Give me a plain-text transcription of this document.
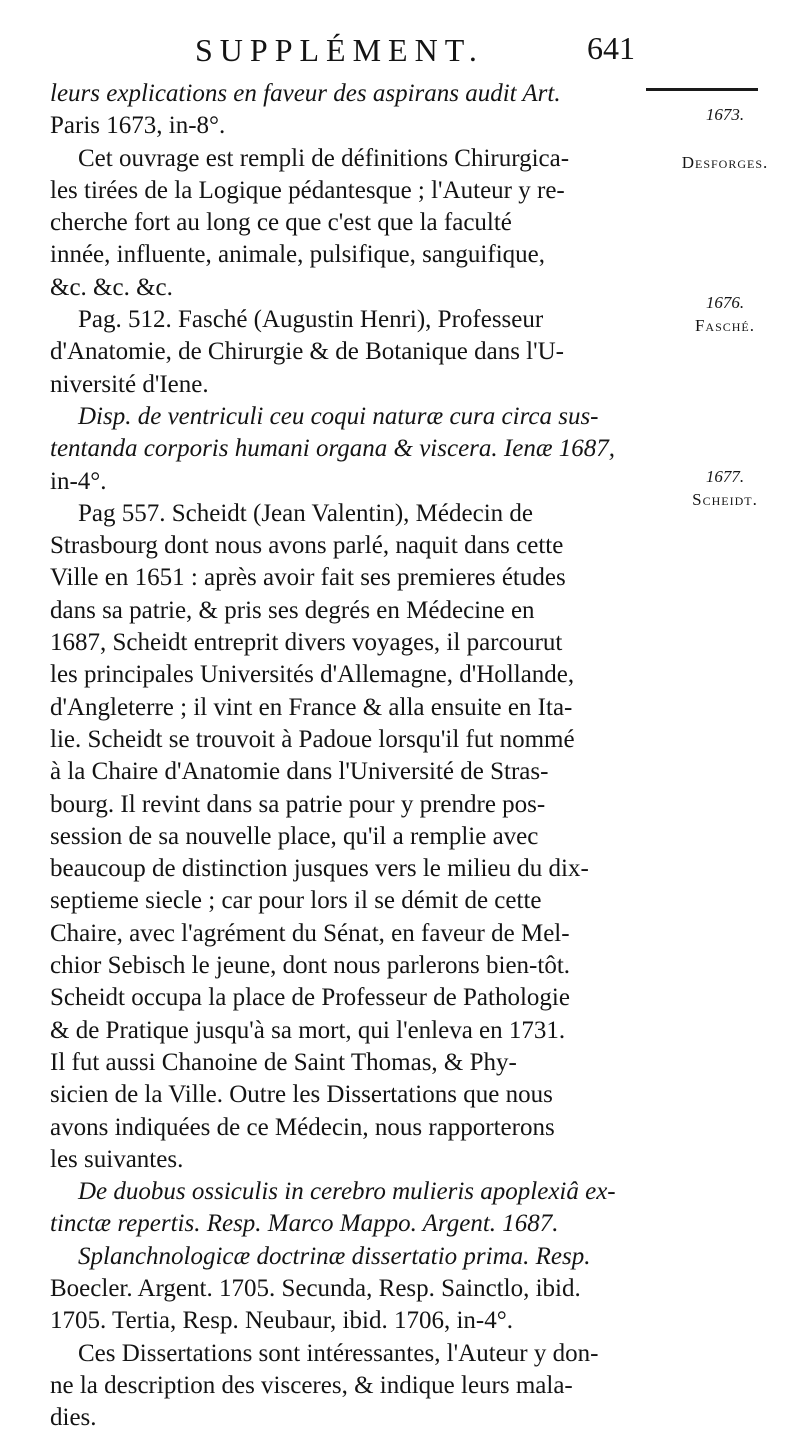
SUPPLÉMENT.	641
1673.
Desforges.
1676.
Fasché.
1677.
Scheidt.
leurs explications en faveur des aspirans audit Art.
Paris 1673, in-8°.
Cet ouvrage est rempli de définitions Chirurgica-
les tirées de la Logique pédantesque ; l'Auteur y re-
cherche fort au long ce que c'est que la faculté
innée, influente, animale, pulsifique, sanguifique,
&c. &c. &c.
Pag. 512. Fasché (Augustin Henri), Professeur
d'Anatomie, de Chirurgie & de Botanique dans l'U-
niversité d'Iene.
Disp. de ventriculi ceu coqui naturæ cura circa sus-
tentanda corporis humani organa & viscera. Ienæ 1687,
in-4°.
Pag 557. Scheidt (Jean Valentin), Médecin de
Strasbourg dont nous avons parlé, naquit dans cette
Ville en 1651 : après avoir fait ses premieres études
dans sa patrie, & pris ses degrés en Médecine en
1687, Scheidt entreprit divers voyages, il parcourut
les principales Universités d'Allemagne, d'Hollande,
d'Angleterre ; il vint en France & alla ensuite en Ita-
lie. Scheidt se trouvoit à Padoue lorsqu'il fut nommé
à la Chaire d'Anatomie dans l'Université de Stras-
bourg. Il revint dans sa patrie pour y prendre pos-
session de sa nouvelle place, qu'il a remplie avec
beaucoup de distinction jusques vers le milieu du dix-
septieme siecle ; car pour lors il se démit de cette
Chaire, avec l'agrément du Sénat, en faveur de Mel-
chior Sebisch le jeune, dont nous parlerons bien-tôt.
Scheidt occupa la place de Professeur de Pathologie
& de Pratique jusqu'à sa mort, qui l'enleva en 1731.
Il fut aussi Chanoine de Saint Thomas, & Phy-
sicien de la Ville. Outre les Dissertations que nous
avons indiquées de ce Médecin, nous rapporterons
les suivantes.
De duobus ossiculis in cerebro mulieris apoplexiâ ex-
tinctæ repertis. Resp. Marco Mappo. Argent. 1687.
Splanchnologicæ doctrinæ dissertatio prima. Resp.
Boecler. Argent. 1705. Secunda, Resp. Sainctlo, ibid.
1705. Tertia, Resp. Neubaur, ibid. 1706, in-4°.
Ces Dissertations sont intéressantes, l'Auteur y don-
ne la description des visceres, & indique leurs mala-
dies.
